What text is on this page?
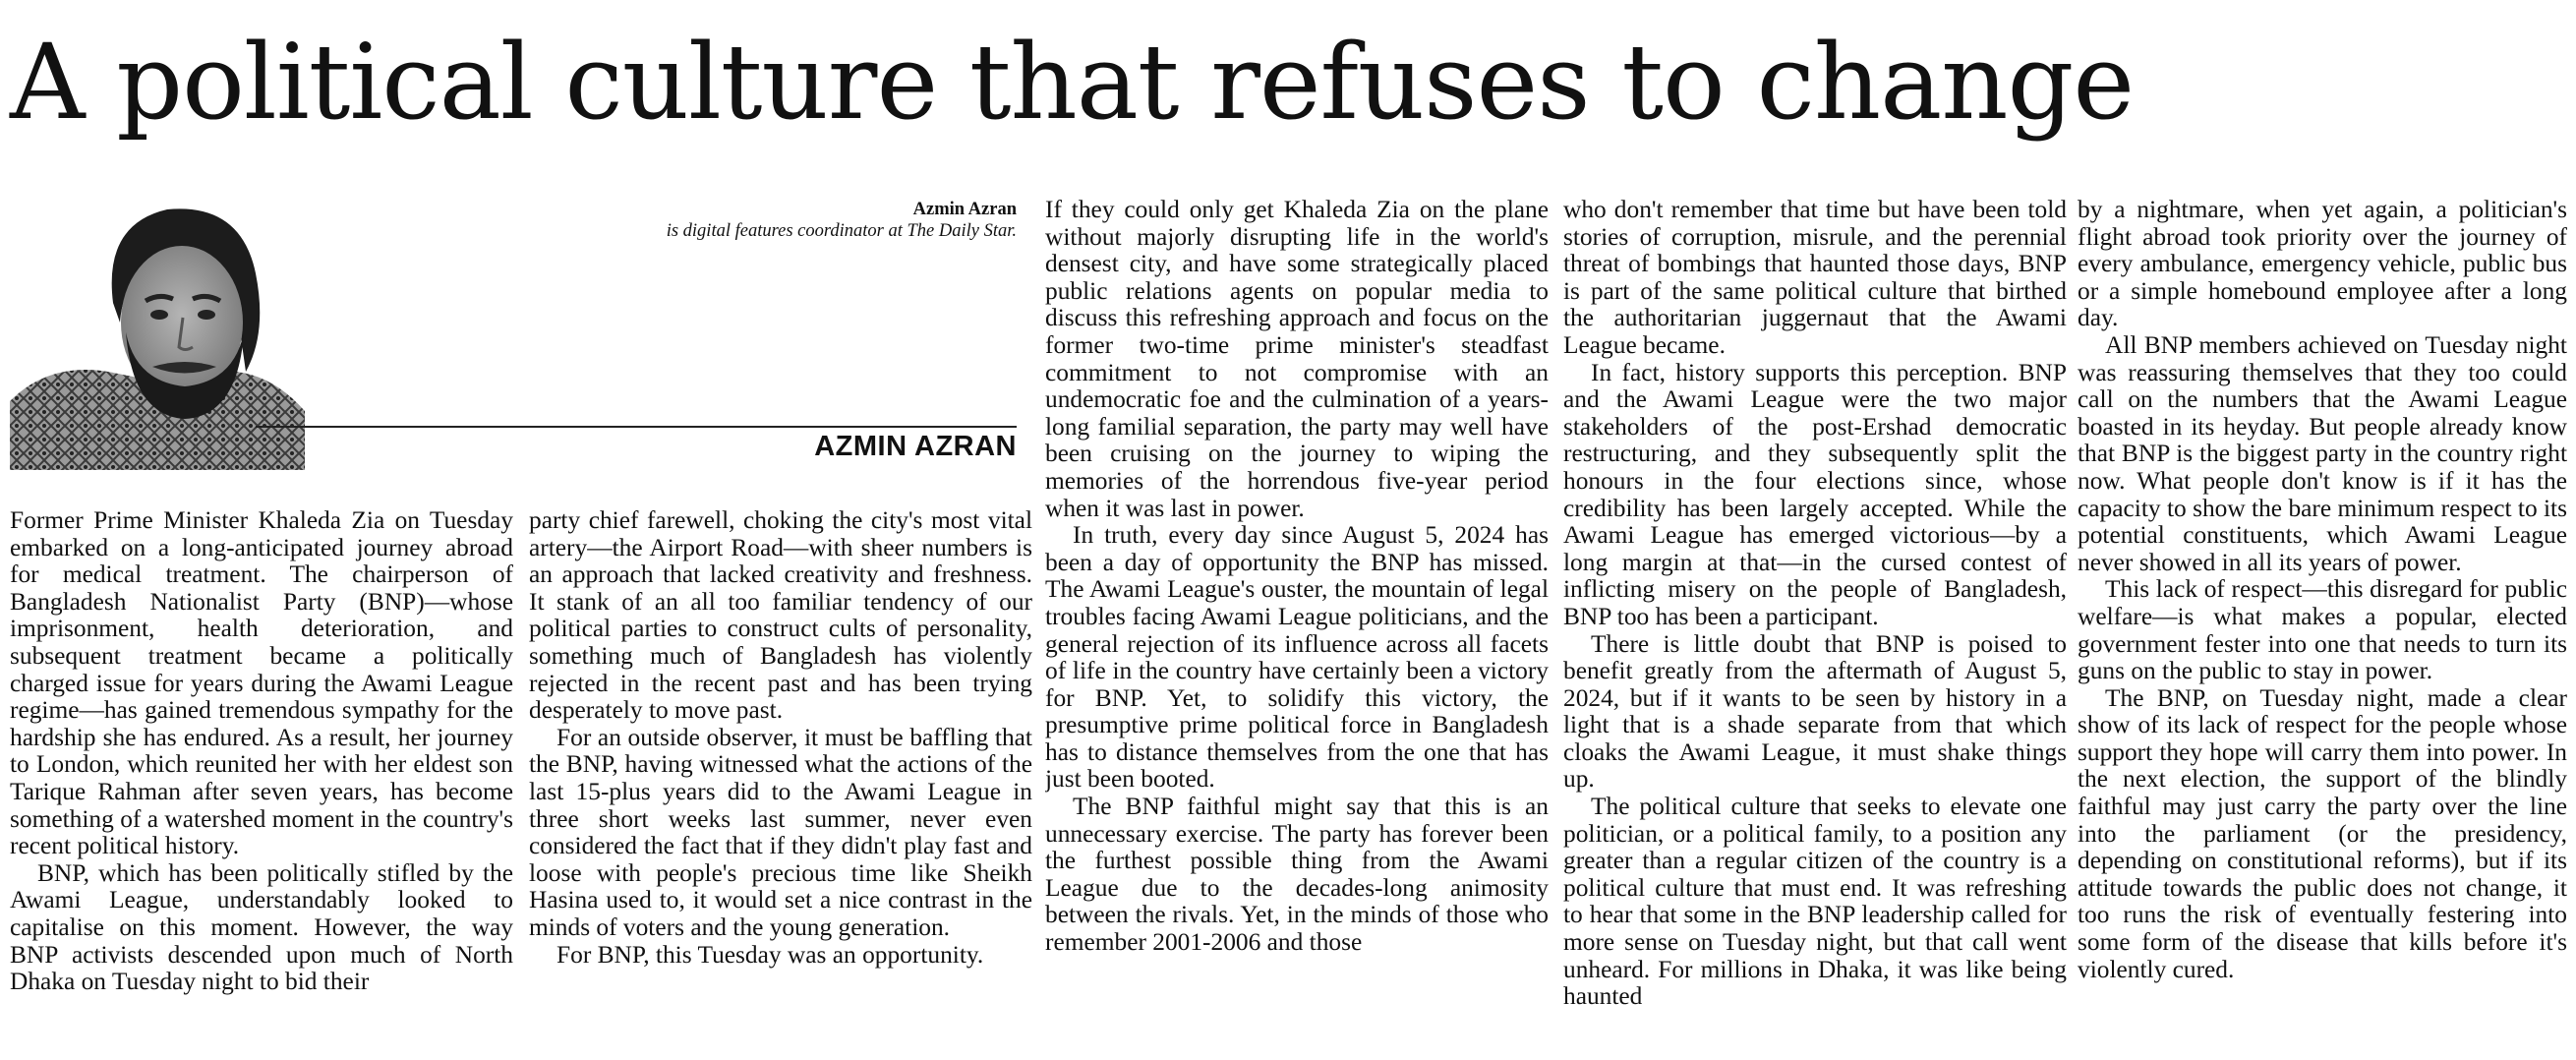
A political culture that refuses to change
Azmin Azran
is digital features coordinator at The Daily Star.
AZMIN AZRAN

Former Prime Minister Khaleda Zia on Tuesday embarked on a long-anticipated journey abroad for medical treatment. The chairperson of Bangladesh Nationalist Party (BNP)—whose imprisonment, health deterioration, and subsequent treatment became a politically charged issue for years during the Awami League regime—has gained tremendous sympathy for the hardship she has endured. As a result, her journey to London, which reunited her with her eldest son Tarique Rahman after seven years, has become something of a watershed moment in the country's recent political history.

BNP, which has been politically stifled by the Awami League, understandably looked to capitalise on this moment. However, the way BNP activists descended upon much of North Dhaka on Tuesday night to bid their

party chief farewell, choking the city's most vital artery—the Airport Road—with sheer numbers is an approach that lacked creativity and freshness. It stank of an all too familiar tendency of our political parties to construct cults of personality, something much of Bangladesh has violently rejected in the recent past and has been trying desperately to move past.

For an outside observer, it must be baffling that the BNP, having witnessed what the actions of the last 15-plus years did to the Awami League in three short weeks last summer, never even considered the fact that if they didn't play fast and loose with people's precious time like Sheikh Hasina used to, it would set a nice contrast in the minds of voters and the young generation.

For BNP, this Tuesday was an opportunity.

If they could only get Khaleda Zia on the plane without majorly disrupting life in the world's densest city, and have some strategically placed public relations agents on popular media to discuss this refreshing approach and focus on the former two-time prime minister's steadfast commitment to not compromise with an undemocratic foe and the culmination of a years-long familial separation, the party may well have been cruising on the journey to wiping the memories of the horrendous five-year period when it was last in power.

In truth, every day since August 5, 2024 has been a day of opportunity the BNP has missed. The Awami League's ouster, the mountain of legal troubles facing Awami League politicians, and the general rejection of its influence across all facets of life in the country have certainly been a victory for BNP. Yet, to solidify this victory, the presumptive prime political force in Bangladesh has to distance themselves from the one that has just been booted.

The BNP faithful might say that this is an unnecessary exercise. The party has forever been the furthest possible thing from the Awami League due to the decades-long animosity between the rivals. Yet, in the minds of those who remember 2001-2006 and those

who don't remember that time but have been told stories of corruption, misrule, and the perennial threat of bombings that haunted those days, BNP is part of the same political culture that birthed the authoritarian juggernaut that the Awami League became.

In fact, history supports this perception. BNP and the Awami League were the two major stakeholders of the post-Ershad democratic restructuring, and they subsequently split the honours in the four elections since, whose credibility has been largely accepted. While the Awami League has emerged victorious—by a long margin at that—in the cursed contest of inflicting misery on the people of Bangladesh, BNP too has been a participant.

There is little doubt that BNP is poised to benefit greatly from the aftermath of August 5, 2024, but if it wants to be seen by history in a light that is a shade separate from that which cloaks the Awami League, it must shake things up.

The political culture that seeks to elevate one politician, or a political family, to a position any greater than a regular citizen of the country is a political culture that must end. It was refreshing to hear that some in the BNP leadership called for more sense on Tuesday night, but that call went unheard. For millions in Dhaka, it was like being haunted

by a nightmare, when yet again, a politician's flight abroad took priority over the journey of every ambulance, emergency vehicle, public bus or a simple homebound employee after a long day.

All BNP members achieved on Tuesday night was reassuring themselves that they too could call on the numbers that the Awami League boasted in its heyday. But people already know that BNP is the biggest party in the country right now. What people don't know is if it has the capacity to show the bare minimum respect to its potential constituents, which Awami League never showed in all its years of power.

This lack of respect—this disregard for public welfare—is what makes a popular, elected government fester into one that needs to turn its guns on the public to stay in power.

The BNP, on Tuesday night, made a clear show of its lack of respect for the people whose support they hope will carry them into power. In the next election, the support of the blindly faithful may just carry the party over the line into the parliament (or the presidency, depending on constitutional reforms), but if its attitude towards the public does not change, it too runs the risk of eventually festering into some form of the disease that kills before it's violently cured.
